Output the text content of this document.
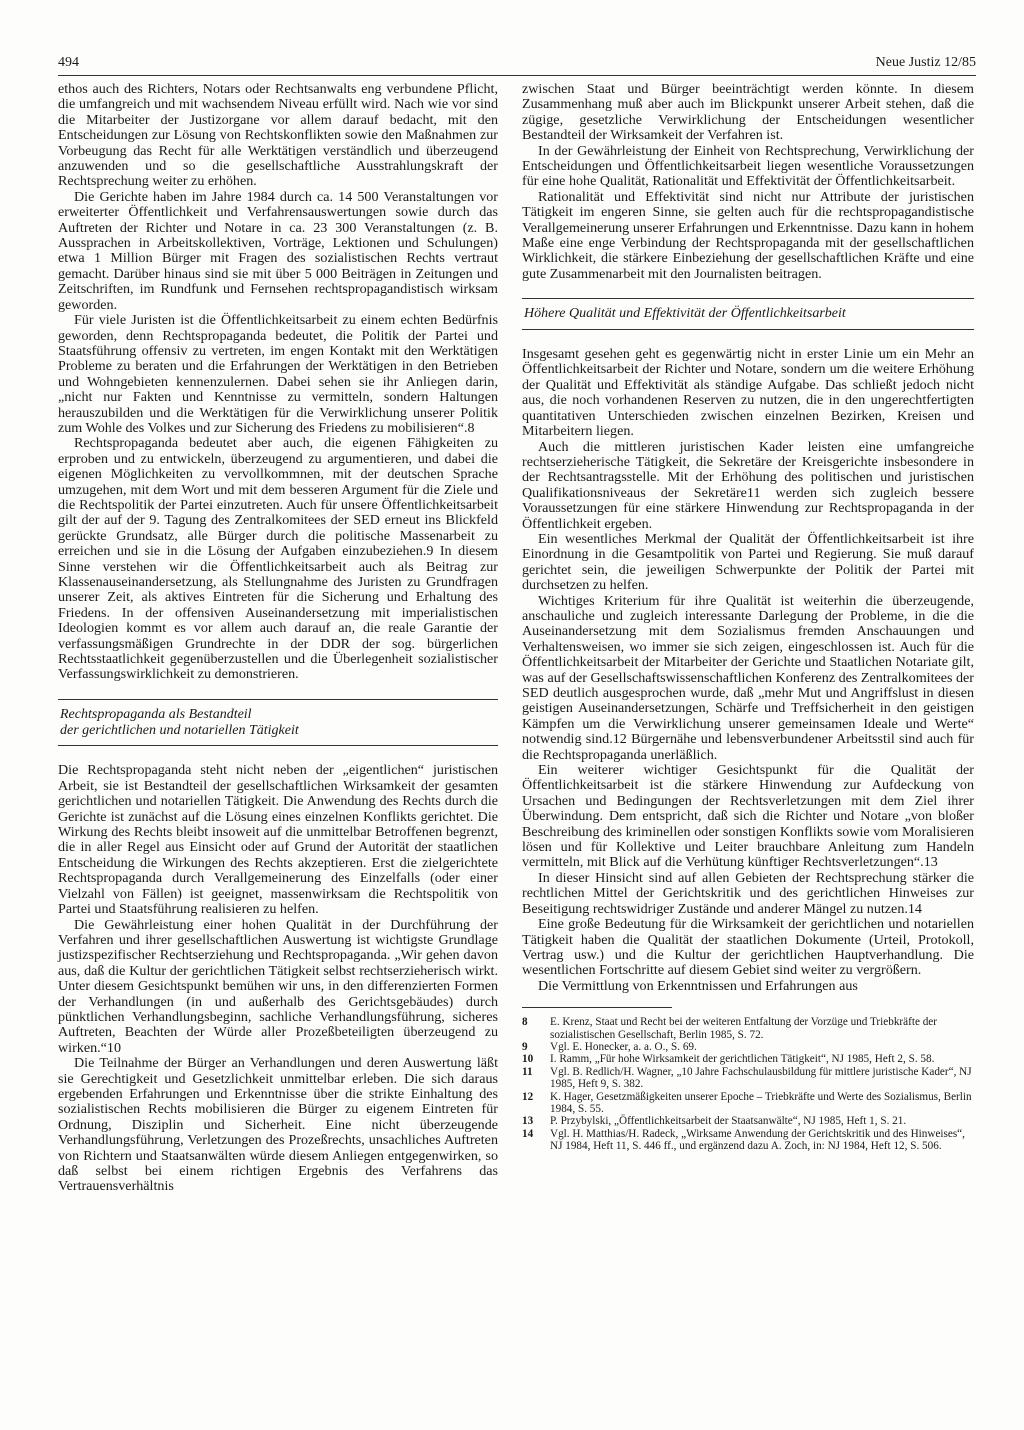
494	Neue Justiz 12/85

ethos auch des Richters, Notars oder Rechtsanwalts eng verbundene Pflicht, die umfangreich und mit wachsendem Niveau erfüllt wird. Nach wie vor sind die Mitarbeiter der Justizorgane vor allem darauf bedacht, mit den Entscheidungen zur Lösung von Rechtskonflikten sowie den Maßnahmen zur Vorbeugung das Recht für alle Werktätigen verständlich und überzeugend anzuwenden und so die gesellschaftliche Ausstrahlungskraft der Rechtsprechung weiter zu erhöhen.

Die Gerichte haben im Jahre 1984 durch ca. 14 500 Veranstaltungen vor erweiterter Öffentlichkeit und Verfahrensauswertungen sowie durch das Auftreten der Richter und Notare in ca. 23 300 Veranstaltungen (z. B. Aussprachen in Arbeitskollektiven, Vorträge, Lektionen und Schulungen) etwa 1 Million Bürger mit Fragen des sozialistischen Rechts vertraut gemacht. Darüber hinaus sind sie mit über 5 000 Beiträgen in Zeitungen und Zeitschriften, im Rundfunk und Fernsehen rechtspropagandistisch wirksam geworden.

Für viele Juristen ist die Öffentlichkeitsarbeit zu einem echten Bedürfnis geworden, denn Rechtspropaganda bedeutet, die Politik der Partei und Staatsführung offensiv zu vertreten, im engen Kontakt mit den Werktätigen Probleme zu beraten und die Erfahrungen der Werktätigen in den Betrieben und Wohngebieten kennenzulernen. Dabei sehen sie ihr Anliegen darin, „nicht nur Fakten und Kenntnisse zu vermitteln, sondern Haltungen herauszubilden und die Werktätigen für die Verwirklichung unserer Politik zum Wohle des Volkes und zur Sicherung des Friedens zu mobilisieren“.8

Rechtspropaganda bedeutet aber auch, die eigenen Fähigkeiten zu erproben und zu entwickeln, überzeugend zu argumentieren, und dabei die eigenen Möglichkeiten zu vervollkommnen, mit der deutschen Sprache umzugehen, mit dem Wort und mit dem besseren Argument für die Ziele und die Rechtspolitik der Partei einzutreten. Auch für unsere Öffentlichkeitsarbeit gilt der auf der 9. Tagung des Zentralkomitees der SED erneut ins Blickfeld gerückte Grundsatz, alle Bürger durch die politische Massenarbeit zu erreichen und sie in die Lösung der Aufgaben einzubeziehen.9 In diesem Sinne verstehen wir die Öffentlichkeitsarbeit auch als Beitrag zur Klassenauseinandersetzung, als Stellungnahme des Juristen zu Grundfragen unserer Zeit, als aktives Eintreten für die Sicherung und Erhaltung des Friedens. In der offensiven Auseinandersetzung mit imperialistischen Ideologien kommt es vor allem auch darauf an, die reale Garantie der verfassungsmäßigen Grundrechte in der DDR der sog. bürgerlichen Rechtsstaatlichkeit gegenüberzustellen und die Überlegenheit sozialistischer Verfassungswirklichkeit zu demonstrieren.

Rechtspropaganda als Bestandteil
der gerichtlichen und notariellen Tätigkeit

Die Rechtspropaganda steht nicht neben der „eigentlichen“ juristischen Arbeit, sie ist Bestandteil der gesellschaftlichen Wirksamkeit der gesamten gerichtlichen und notariellen Tätigkeit. Die Anwendung des Rechts durch die Gerichte ist zunächst auf die Lösung eines einzelnen Konflikts gerichtet. Die Wirkung des Rechts bleibt insoweit auf die unmittelbar Betroffenen begrenzt, die in aller Regel aus Einsicht oder auf Grund der Autorität der staatlichen Entscheidung die Wirkungen des Rechts akzeptieren. Erst die zielgerichtete Rechtspropaganda durch Verallgemeinerung des Einzelfalls (oder einer Vielzahl von Fällen) ist geeignet, massenwirksam die Rechtspolitik von Partei und Staatsführung realisieren zu helfen.

Die Gewährleistung einer hohen Qualität in der Durchführung der Verfahren und ihrer gesellschaftlichen Auswertung ist wichtigste Grundlage justizspezifischer Rechtserziehung und Rechtspropaganda. „Wir gehen davon aus, daß die Kultur der gerichtlichen Tätigkeit selbst rechtserzieherisch wirkt. Unter diesem Gesichtspunkt bemühen wir uns, in den differenzierten Formen der Verhandlungen (in und außerhalb des Gerichtsgebäudes) durch pünktlichen Verhandlungsbeginn, sachliche Verhandlungsführung, sicheres Auftreten, Beachten der Würde aller Prozeßbeteiligten überzeugend zu wirken.“10

Die Teilnahme der Bürger an Verhandlungen und deren Auswertung läßt sie Gerechtigkeit und Gesetzlichkeit unmittelbar erleben. Die sich daraus ergebenden Erfahrungen und Erkenntnisse über die strikte Einhaltung des sozialistischen Rechts mobilisieren die Bürger zu eigenem Eintreten für Ordnung, Disziplin und Sicherheit. Eine nicht überzeugende Verhandlungsführung, Verletzungen des Prozeßrechts, unsachliches Auftreten von Richtern und Staatsanwälten würde diesem Anliegen entgegenwirken, so daß selbst bei einem richtigen Ergebnis des Verfahrens das Vertrauensverhältnis

zwischen Staat und Bürger beeinträchtigt werden könnte. In diesem Zusammenhang muß aber auch im Blickpunkt unserer Arbeit stehen, daß die zügige, gesetzliche Verwirklichung der Entscheidungen wesentlicher Bestandteil der Wirksamkeit der Verfahren ist.

In der Gewährleistung der Einheit von Rechtsprechung, Verwirklichung der Entscheidungen und Öffentlichkeitsarbeit liegen wesentliche Voraussetzungen für eine hohe Qualität, Rationalität und Effektivität der Öffentlichkeitsarbeit.

Rationalität und Effektivität sind nicht nur Attribute der juristischen Tätigkeit im engeren Sinne, sie gelten auch für die rechtspropagandistische Verallgemeinerung unserer Erfahrungen und Erkenntnisse. Dazu kann in hohem Maße eine enge Verbindung der Rechtspropaganda mit der gesellschaftlichen Wirklichkeit, die stärkere Einbeziehung der gesellschaftlichen Kräfte und eine gute Zusammenarbeit mit den Journalisten beitragen.

Höhere Qualität und Effektivität der Öffentlichkeitsarbeit

Insgesamt gesehen geht es gegenwärtig nicht in erster Linie um ein Mehr an Öffentlichkeitsarbeit der Richter und Notare, sondern um die weitere Erhöhung der Qualität und Effektivität als ständige Aufgabe. Das schließt jedoch nicht aus, die noch vorhandenen Reserven zu nutzen, die in den ungerechtfertigten quantitativen Unterschieden zwischen einzelnen Bezirken, Kreisen und Mitarbeitern liegen.

Auch die mittleren juristischen Kader leisten eine umfangreiche rechtserzieherische Tätigkeit, die Sekretäre der Kreisgerichte insbesondere in der Rechtsantragsstelle. Mit der Erhöhung des politischen und juristischen Qualifikationsniveaus der Sekretäre11 werden sich zugleich bessere Voraussetzungen für eine stärkere Hinwendung zur Rechtspropaganda in der Öffentlichkeit ergeben.

Ein wesentliches Merkmal der Qualität der Öffentlichkeitsarbeit ist ihre Einordnung in die Gesamtpolitik von Partei und Regierung. Sie muß darauf gerichtet sein, die jeweiligen Schwerpunkte der Politik der Partei mit durchsetzen zu helfen.

Wichtiges Kriterium für ihre Qualität ist weiterhin die überzeugende, anschauliche und zugleich interessante Darlegung der Probleme, in die die Auseinandersetzung mit dem Sozialismus fremden Anschauungen und Verhaltensweisen, wo immer sie sich zeigen, eingeschlossen ist. Auch für die Öffentlichkeitsarbeit der Mitarbeiter der Gerichte und Staatlichen Notariate gilt, was auf der Gesellschaftswissenschaftlichen Konferenz des Zentralkomitees der SED deutlich ausgesprochen wurde, daß „mehr Mut und Angriffslust in diesen geistigen Auseinandersetzungen, Schärfe und Treffsicherheit in den geistigen Kämpfen um die Verwirklichung unserer gemeinsamen Ideale und Werte“ notwendig sind.12 Bürgernähe und lebensverbundener Arbeitsstil sind auch für die Rechtspropaganda unerläßlich.

Ein weiterer wichtiger Gesichtspunkt für die Qualität der Öffentlichkeitsarbeit ist die stärkere Hinwendung zur Aufdeckung von Ursachen und Bedingungen der Rechtsverletzungen mit dem Ziel ihrer Überwindung. Dem entspricht, daß sich die Richter und Notare „von bloßer Beschreibung des kriminellen oder sonstigen Konflikts sowie vom Moralisieren lösen und für Kollektive und Leiter brauchbare Anleitung zum Handeln vermitteln, mit Blick auf die Verhütung künftiger Rechtsverletzungen“.13

In dieser Hinsicht sind auf allen Gebieten der Rechtsprechung stärker die rechtlichen Mittel der Gerichtskritik und des gerichtlichen Hinweises zur Beseitigung rechtswidriger Zustände und anderer Mängel zu nutzen.14

Eine große Bedeutung für die Wirksamkeit der gerichtlichen und notariellen Tätigkeit haben die Qualität der staatlichen Dokumente (Urteil, Protokoll, Vertrag usw.) und die Kultur der gerichtlichen Hauptverhandlung. Die wesentlichen Fortschritte auf diesem Gebiet sind weiter zu vergrößern.

Die Vermittlung von Erkenntnissen und Erfahrungen aus

8	E. Krenz, Staat und Recht bei der weiteren Entfaltung der Vorzüge und Triebkräfte der sozialistischen Gesellschaft, Berlin 1985, S. 72.
9	Vgl. E. Honecker, a. a. O., S. 69.
10	I. Ramm, „Für hohe Wirksamkeit der gerichtlichen Tätigkeit“, NJ 1985, Heft 2, S. 58.
11	Vgl. B. Redlich/H. Wagner, „10 Jahre Fachschulausbildung für mittlere juristische Kader“, NJ 1985, Heft 9, S. 382.
12	K. Hager, Gesetzmäßigkeiten unserer Epoche – Triebkräfte und Werte des Sozialismus, Berlin 1984, S. 55.
13	P. Przybylski, „Öffentlichkeitsarbeit der Staatsanwälte“, NJ 1985, Heft 1, S. 21.
14	Vgl. H. Matthias/H. Radeck, „Wirksame Anwendung der Gerichtskritik und des Hinweises“, NJ 1984, Heft 11, S. 446 ff., und ergänzend dazu A. Zoch, in: NJ 1984, Heft 12, S. 506.
